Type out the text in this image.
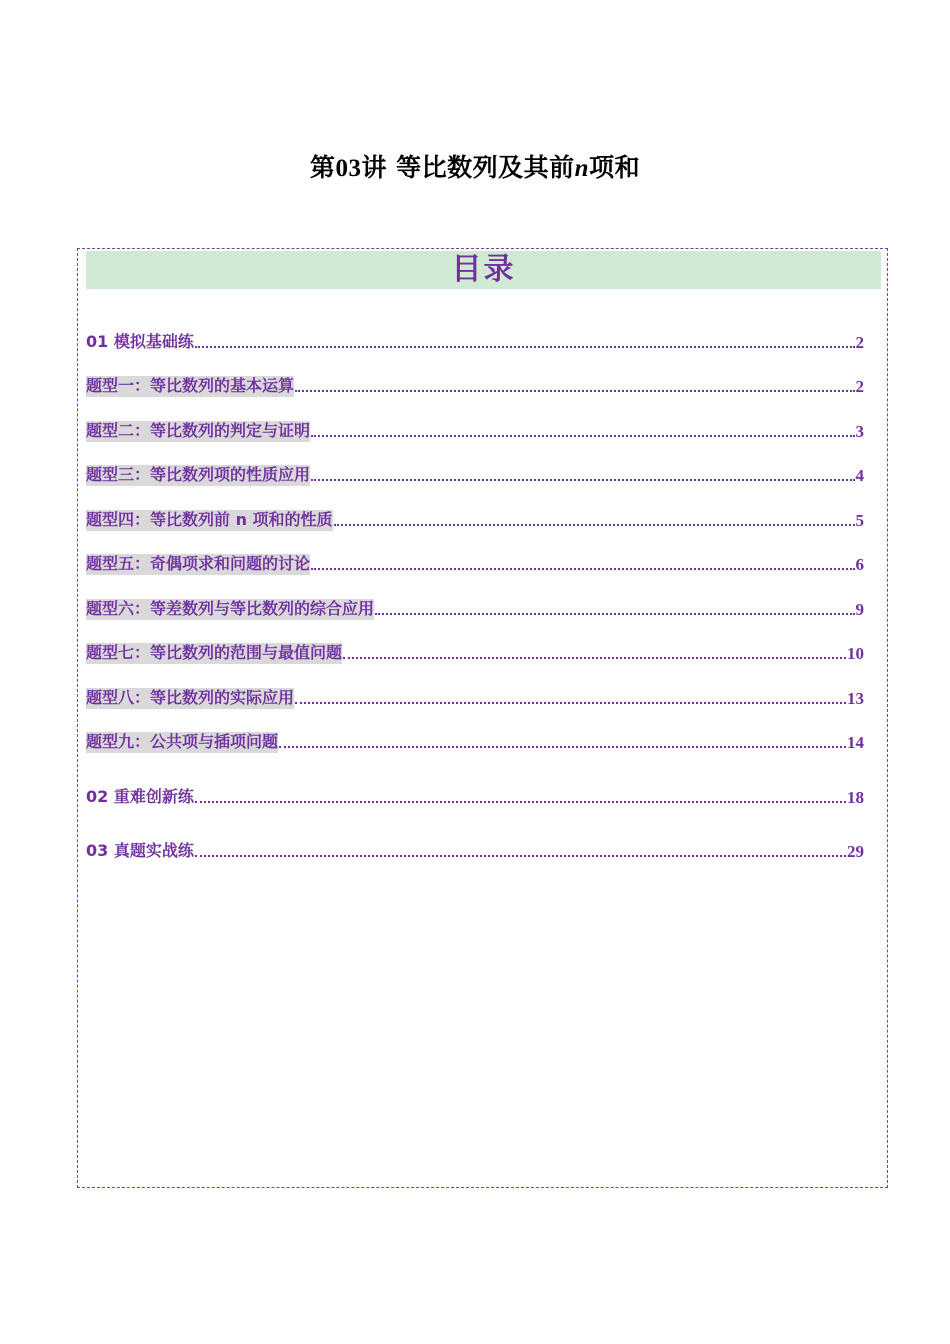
第03讲 等比数列及其前n项和
目录
01 模拟基础练	2
题型一：等比数列的基本运算	2
题型二：等比数列的判定与证明	3
题型三：等比数列项的性质应用	4
题型四：等比数列前 n 项和的性质	5
题型五：奇偶项求和问题的讨论	6
题型六：等差数列与等比数列的综合应用	9
题型七：等比数列的范围与最值问题	10
题型八：等比数列的实际应用	13
题型九：公共项与插项问题	14
02 重难创新练	18
03 真题实战练	29
